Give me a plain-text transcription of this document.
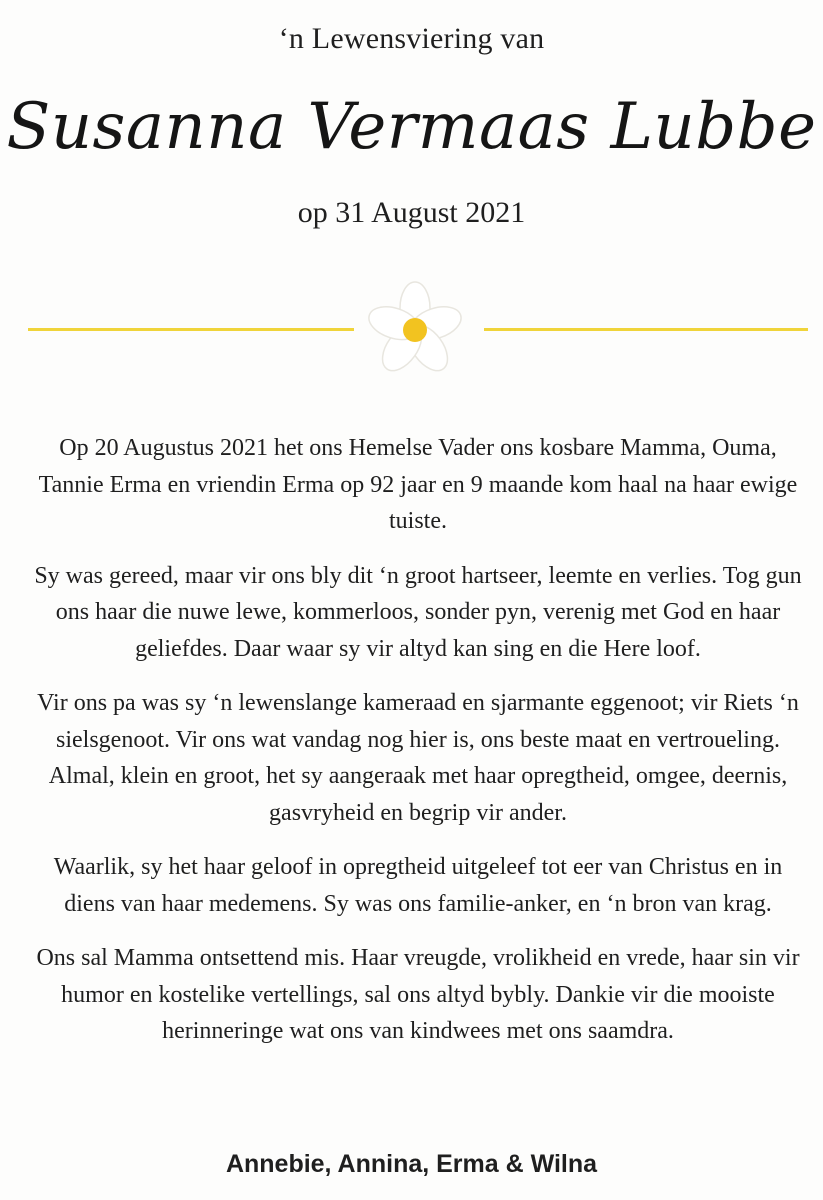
‘n Lewensviering van
Susanna Vermaas Lubbe
op 31 August 2021

Op 20 Augustus 2021 het ons Hemelse Vader ons kosbare Mamma, Ouma, Tannie Erma en vriendin Erma op 92 jaar en 9 maande kom haal na haar ewige tuiste.

Sy was gereed, maar vir ons bly dit ‘n groot hartseer, leemte en verlies. Tog gun ons haar die nuwe lewe, kommerloos, sonder pyn, verenig met God en haar geliefdes. Daar waar sy vir altyd kan sing en die Here loof.

Vir ons pa was sy ‘n lewenslange kameraad en sjarmante eggenoot; vir Riets ‘n sielsgenoot. Vir ons wat vandag nog hier is, ons beste maat en vertroueling. Almal, klein en groot, het sy aangeraak met haar opregtheid, omgee, deernis, gasvryheid en begrip vir ander.

Waarlik, sy het haar geloof in opregtheid uitgeleef tot eer van Christus en in diens van haar medemens. Sy was ons familie-anker, en ‘n bron van krag.

Ons sal Mamma ontsettend mis. Haar vreugde, vrolikheid en vrede, haar sin vir humor en kostelike vertellings, sal ons altyd bybly. Dankie vir die mooiste herinneringe wat ons van kindwees met ons saamdra.

Annebie, Annina, Erma & Wilna
